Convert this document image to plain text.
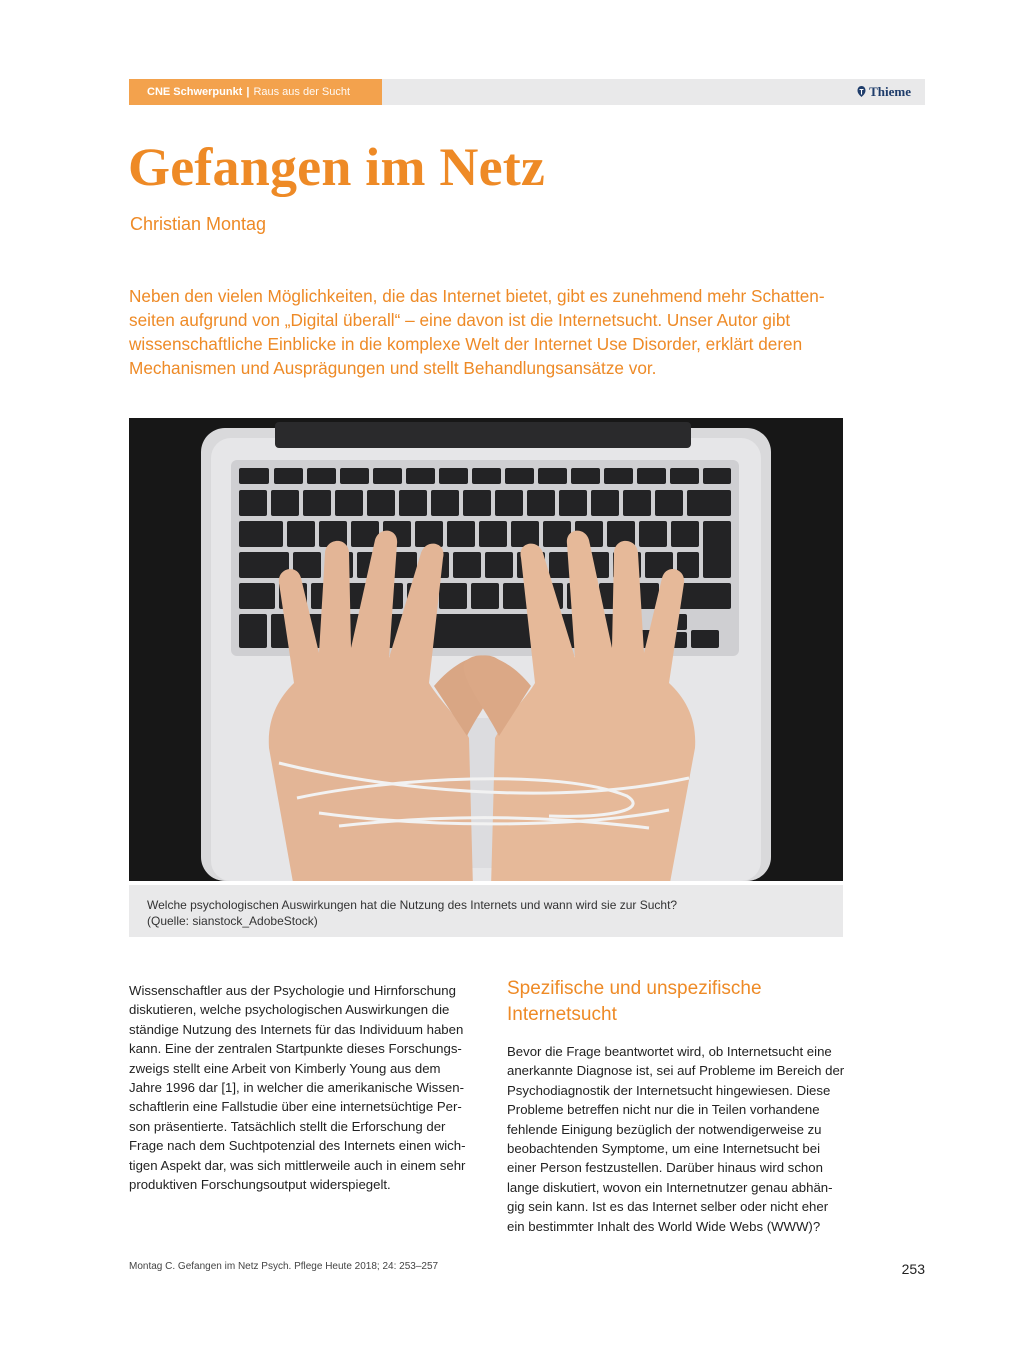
CNE Schwerpunkt | Raus aus der Sucht	Thieme
Gefangen im Netz
Christian Montag

Neben den vielen Möglichkeiten, die das Internet bietet, gibt es zunehmend mehr Schattenseiten aufgrund von „Digital überall“ – eine davon ist die Internetsucht. Unser Autor gibt wissenschaftliche Einblicke in die komplexe Welt der Internet Use Disorder, erklärt deren Mechanismen und Ausprägungen und stellt Behandlungsansätze vor.

Welche psychologischen Auswirkungen hat die Nutzung des Internets und wann wird sie zur Sucht?
(Quelle: sianstock_AdobeStock)

Wissenschaftler aus der Psychologie und Hirnforschung diskutieren, welche psychologischen Auswirkungen die ständige Nutzung des Internets für das Individuum haben kann. Eine der zentralen Startpunkte dieses Forschungszweigs stellt eine Arbeit von Kimberly Young aus dem Jahre 1996 dar [1], in welcher die amerikanische Wissenschaftlerin eine Fallstudie über eine internetsüchtige Person präsentierte. Tatsächlich stellt die Erforschung der Frage nach dem Suchtpotenzial des Internets einen wichtigen Aspekt dar, was sich mittlerweile auch in einem sehr produktiven Forschungsoutput widerspiegelt.

Spezifische und unspezifische Internetsucht

Bevor die Frage beantwortet wird, ob Internetsucht eine anerkannte Diagnose ist, sei auf Probleme im Bereich der Psychodiagnostik der Internetsucht hingewiesen. Diese Probleme betreffen nicht nur die in Teilen vorhandene fehlende Einigung bezüglich der notwendigerweise zu beobachtenden Symptome, um eine Internetsucht bei einer Person festzustellen. Darüber hinaus wird schon lange diskutiert, wovon ein Internetnutzer genau abhängig sein kann. Ist es das Internet selber oder nicht eher ein bestimmter Inhalt des World Wide Webs (WWW)?

Montag C. Gefangen im Netz Psych. Pflege Heute 2018; 24: 253–257	253
